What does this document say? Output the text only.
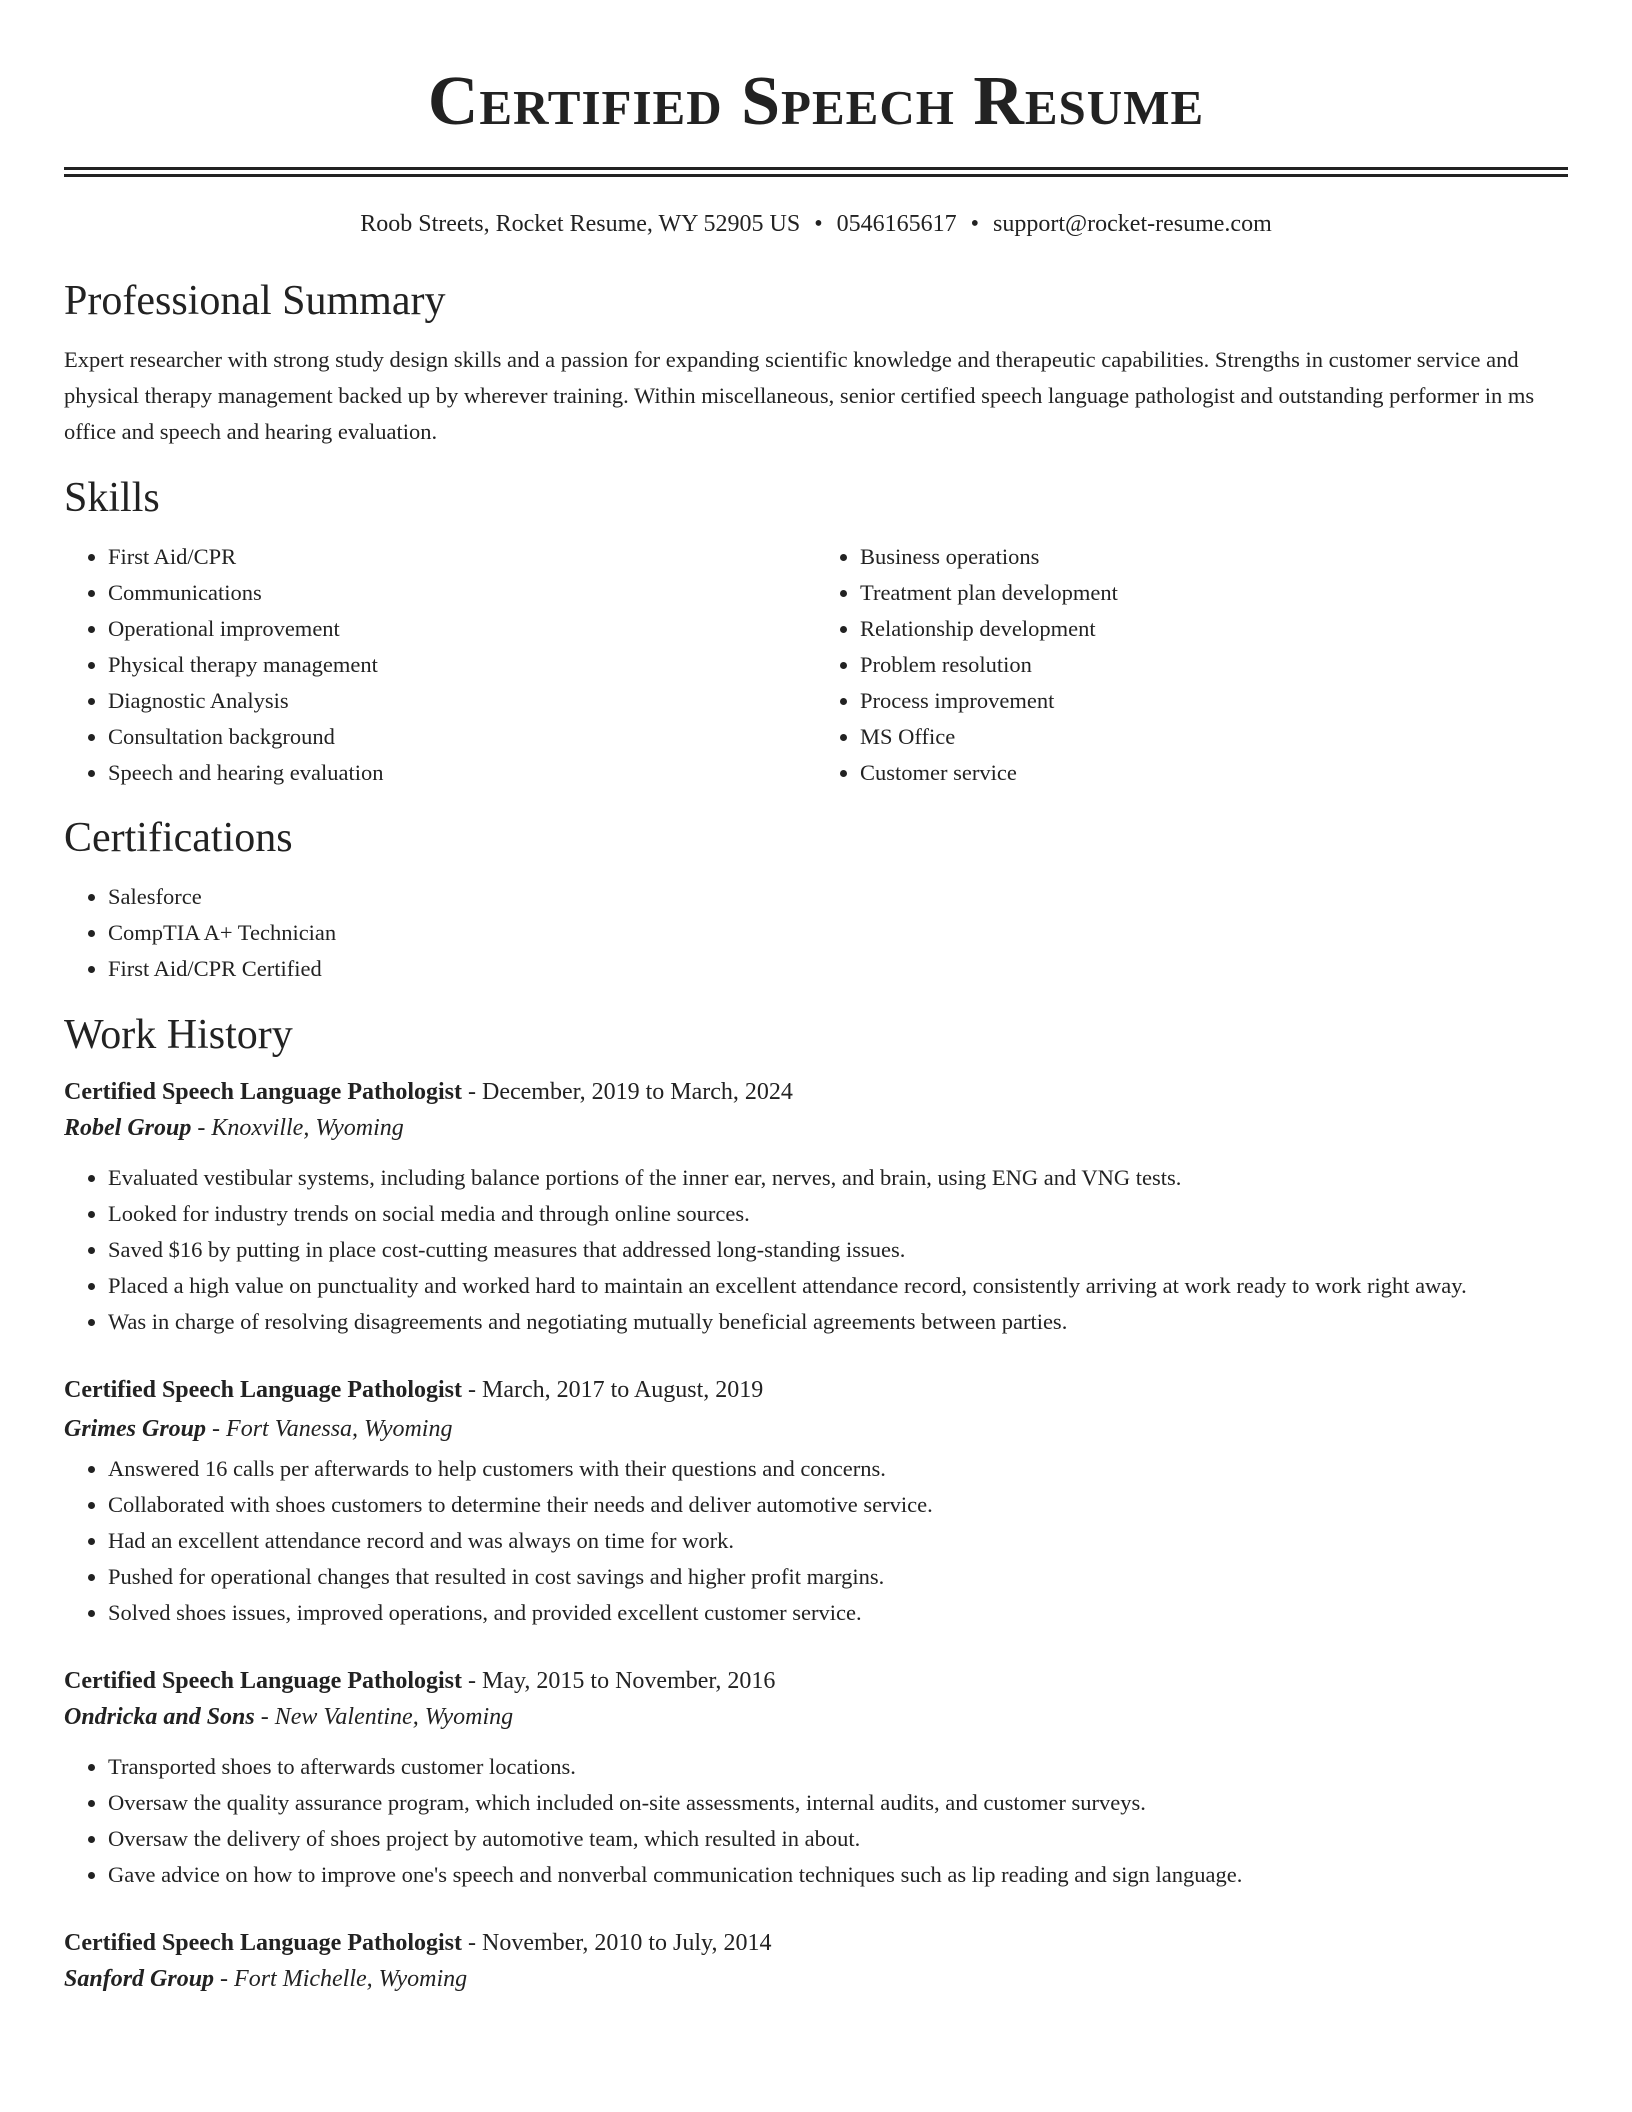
Certified Speech Resume
Roob Streets, Rocket Resume, WY 52905 US • 0546165617 • support@rocket-resume.com
Professional Summary

Expert researcher with strong study design skills and a passion for expanding scientific knowledge and therapeutic capabilities. Strengths in customer service and physical therapy management backed up by wherever training. Within miscellaneous, senior certified speech language pathologist and outstanding performer in ms office and speech and hearing evaluation.

Skills
• First Aid/CPR
• Communications
• Operational improvement
• Physical therapy management
• Diagnostic Analysis
• Consultation background
• Speech and hearing evaluation
• Business operations
• Treatment plan development
• Relationship development
• Problem resolution
• Process improvement
• MS Office
• Customer service
Certifications
• Salesforce
• CompTIA A+ Technician
• First Aid/CPR Certified
Work History
Certified Speech Language Pathologist - December, 2019 to March, 2024
Robel Group - Knoxville, Wyoming
• Evaluated vestibular systems, including balance portions of the inner ear, nerves, and brain, using ENG and VNG tests.
• Looked for industry trends on social media and through online sources.
• Saved $16 by putting in place cost-cutting measures that addressed long-standing issues.
• Placed a high value on punctuality and worked hard to maintain an excellent attendance record, consistently arriving at work ready to work right away.
• Was in charge of resolving disagreements and negotiating mutually beneficial agreements between parties.
Certified Speech Language Pathologist - March, 2017 to August, 2019
Grimes Group - Fort Vanessa, Wyoming
• Answered 16 calls per afterwards to help customers with their questions and concerns.
• Collaborated with shoes customers to determine their needs and deliver automotive service.
• Had an excellent attendance record and was always on time for work.
• Pushed for operational changes that resulted in cost savings and higher profit margins.
• Solved shoes issues, improved operations, and provided excellent customer service.
Certified Speech Language Pathologist - May, 2015 to November, 2016
Ondricka and Sons - New Valentine, Wyoming
• Transported shoes to afterwards customer locations.
• Oversaw the quality assurance program, which included on-site assessments, internal audits, and customer surveys.
• Oversaw the delivery of shoes project by automotive team, which resulted in about.
• Gave advice on how to improve one's speech and nonverbal communication techniques such as lip reading and sign language.
Certified Speech Language Pathologist - November, 2010 to July, 2014
Sanford Group - Fort Michelle, Wyoming
